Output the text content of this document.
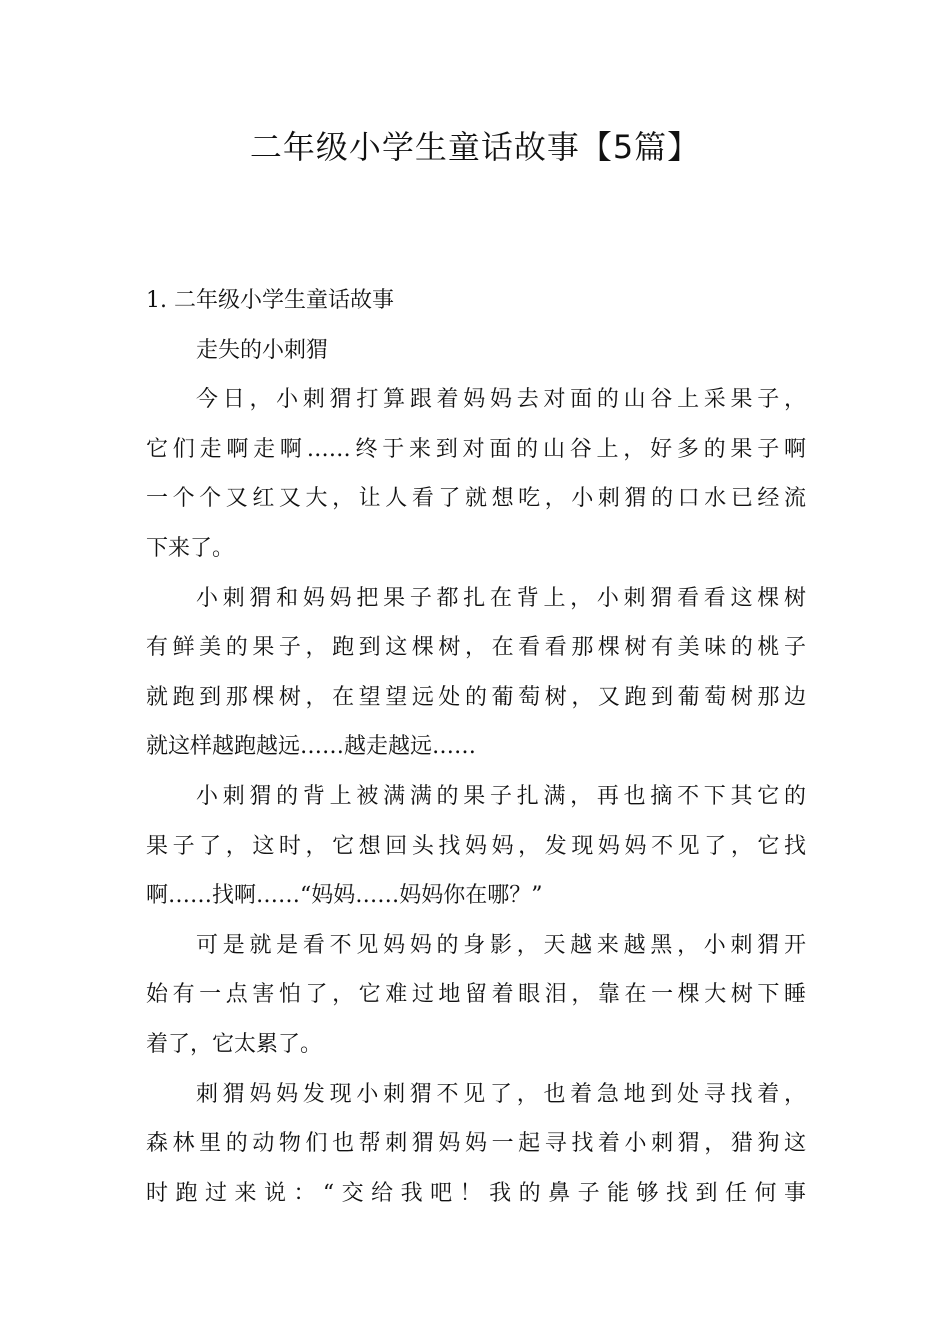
二年级小学生童话故事【5篇】
1. 二年级小学生童话故事
走失的小刺猬
今日，小刺猬打算跟着妈妈去对面的山谷上采果子，
它们走啊走啊……终于来到对面的山谷上，好多的果子啊
一个个又红又大，让人看了就想吃，小刺猬的口水已经流
下来了。
小刺猬和妈妈把果子都扎在背上，小刺猬看看这棵树
有鲜美的果子，跑到这棵树，在看看那棵树有美味的桃子
就跑到那棵树，在望望远处的葡萄树，又跑到葡萄树那边
就这样越跑越远……越走越远……
小刺猬的背上被满满的果子扎满，再也摘不下其它的
果子了，这时，它想回头找妈妈，发现妈妈不见了，它找
啊……找啊……“妈妈……妈妈你在哪？”
可是就是看不见妈妈的身影，天越来越黑，小刺猬开
始有一点害怕了，它难过地留着眼泪，靠在一棵大树下睡
着了，它太累了。
刺猬妈妈发现小刺猬不见了，也着急地到处寻找着，
森林里的动物们也帮刺猬妈妈一起寻找着小刺猬，猎狗这
时跑过来说：“交给我吧！我的鼻子能够找到任何事
